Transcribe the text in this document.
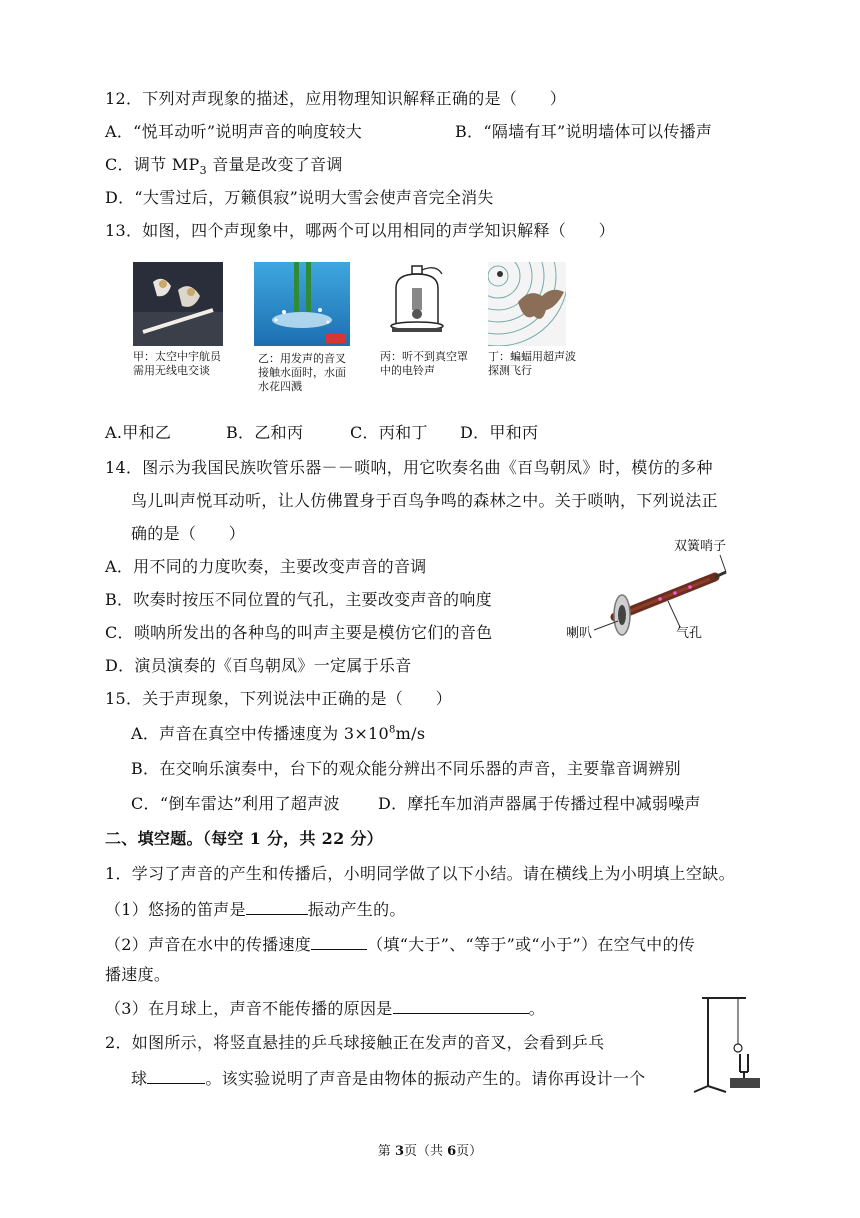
12．下列对声现象的描述，应用物理知识解释正确的是（　　）
A．“悦耳动听”说明声音的响度较大	B．“隔墙有耳”说明墙体可以传播声
C．调节 $MP_3$ 音量是改变了音调
D．“大雪过后，万籁俱寂”说明大雪会使声音完全消失
13．如图，四个声现象中，哪两个可以用相同的声学知识解释（　　）
甲：太空中宇航员需用无线电交谈
乙：用发声的音叉接触水面时，水面水花四溅
丙：听不到真空罩中的电铃声
丁：蝙蝠用超声波探测飞行
A.甲和乙	B．乙和丙	C．丙和丁 D．甲和丙
14．图示为我国民族吹管乐器－－唢呐，用它吹奏名曲《百鸟朝凤》时，模仿的多种
鸟儿叫声悦耳动听，让人仿佛置身于百鸟争鸣的森林之中。关于唢呐，下列说法正
确的是（　　）
A．用不同的力度吹奏，主要改变声音的音调
B．吹奏时按压不同位置的气孔，主要改变声音的响度
C．唢呐所发出的各种鸟的叫声主要是模仿它们的音色
D．演员演奏的《百鸟朝凤》一定属于乐音
双簧哨子
喇叭	气孔
15．关于声现象，下列说法中正确的是（　　）
A．声音在真空中传播速度为 $3\times 10^8m/s$
B．在交响乐演奏中，台下的观众能分辨出不同乐器的声音，主要靠音调辨别
C．“倒车雷达”利用了超声波 D．摩托车加消声器属于传播过程中减弱噪声
二、填空题。（每空 1 分，共 22 分）
1．学习了声音的产生和传播后，小明同学做了以下小结。请在横线上为小明填上空缺。
（1）悠扬的笛声是	振动产生的。
（2）声音在水中的传播速度	（填“大于”、“等于”或“小于”）在空气中的传
播速度。
（3）在月球上，声音不能传播的原因是	。
2．如图所示，将竖直悬挂的乒乓球接触正在发声的音叉，会看到乒乓
球	。该实验说明了声音是由物体的振动产生的。请你再设计一个
第 3页（共 6页）
